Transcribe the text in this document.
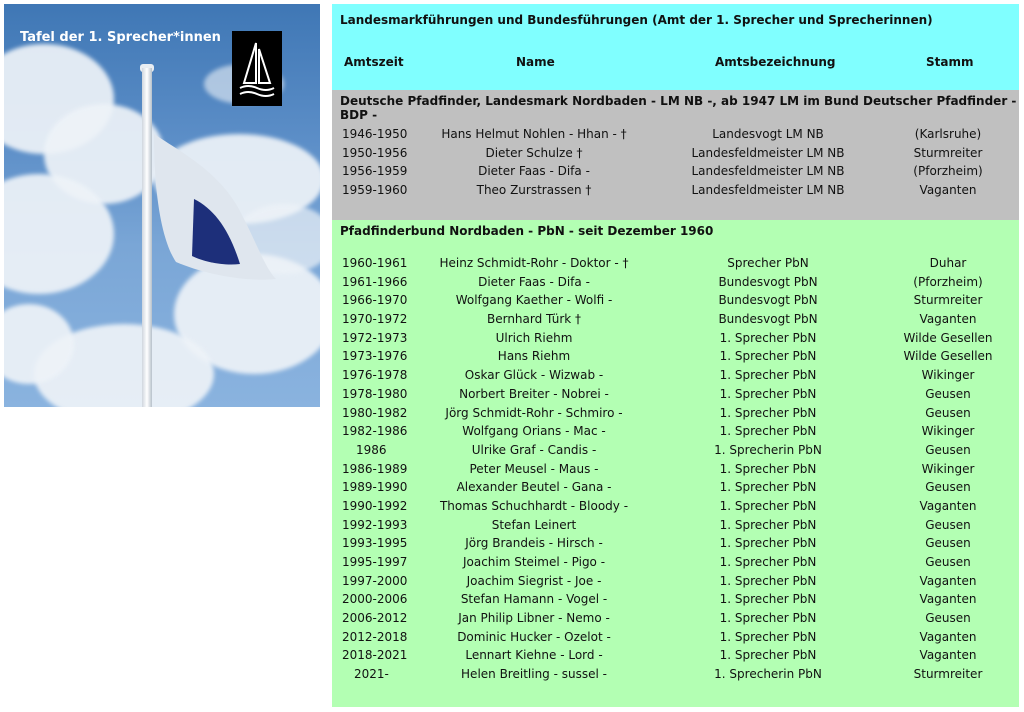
Tafel der 1. Sprecher*innen
Landesmarkführungen und Bundesführungen (Amt der 1. Sprecher und Sprecherinnen)
Amtszeit	Name	Amtsbezeichnung	Stamm
Deutsche Pfadfinder, Landesmark Nordbaden - LM NB -, ab 1947 LM im Bund Deutscher Pfadfinder - BDP -
1946-1950	Hans Helmut Nohlen - Hhan - †	Landesvogt LM NB	(Karlsruhe)
1950-1956	Dieter Schulze †	Landesfeldmeister LM NB	Sturmreiter
1956-1959	Dieter Faas - Difa -	Landesfeldmeister LM NB	(Pforzheim)
1959-1960	Theo Zurstrassen †	Landesfeldmeister LM NB	Vaganten
Pfadfinderbund Nordbaden - PbN - seit Dezember 1960
1960-1961	Heinz Schmidt-Rohr - Doktor - †	Sprecher PbN	Duhar
1961-1966	Dieter Faas - Difa -	Bundesvogt PbN	(Pforzheim)
1966-1970	Wolfgang Kaether - Wolfi -	Bundesvogt PbN	Sturmreiter
1970-1972	Bernhard Türk †	Bundesvogt PbN	Vaganten
1972-1973	Ulrich Riehm	1. Sprecher PbN	Wilde Gesellen
1973-1976	Hans Riehm	1. Sprecher PbN	Wilde Gesellen
1976-1978	Oskar Glück - Wizwab -	1. Sprecher PbN	Wikinger
1978-1980	Norbert Breiter - Nobrei -	1. Sprecher PbN	Geusen
1980-1982	Jörg Schmidt-Rohr - Schmiro -	1. Sprecher PbN	Geusen
1982-1986	Wolfgang Orians - Mac -	1. Sprecher PbN	Wikinger
1986	Ulrike Graf - Candis -	1. Sprecherin PbN	Geusen
1986-1989	Peter Meusel - Maus -	1. Sprecher PbN	Wikinger
1989-1990	Alexander Beutel - Gana -	1. Sprecher PbN	Geusen
1990-1992	Thomas Schuchhardt - Bloody -	1. Sprecher PbN	Vaganten
1992-1993	Stefan Leinert	1. Sprecher PbN	Geusen
1993-1995	Jörg Brandeis - Hirsch -	1. Sprecher PbN	Geusen
1995-1997	Joachim Steimel - Pigo -	1. Sprecher PbN	Geusen
1997-2000	Joachim Siegrist - Joe -	1. Sprecher PbN	Vaganten
2000-2006	Stefan Hamann - Vogel -	1. Sprecher PbN	Vaganten
2006-2012	Jan Philip Libner - Nemo -	1. Sprecher PbN	Geusen
2012-2018	Dominic Hucker - Ozelot -	1. Sprecher PbN	Vaganten
2018-2021	Lennart Kiehne - Lord -	1. Sprecher PbN	Vaganten
2021-	Helen Breitling - sussel -	1. Sprecherin PbN	Sturmreiter
